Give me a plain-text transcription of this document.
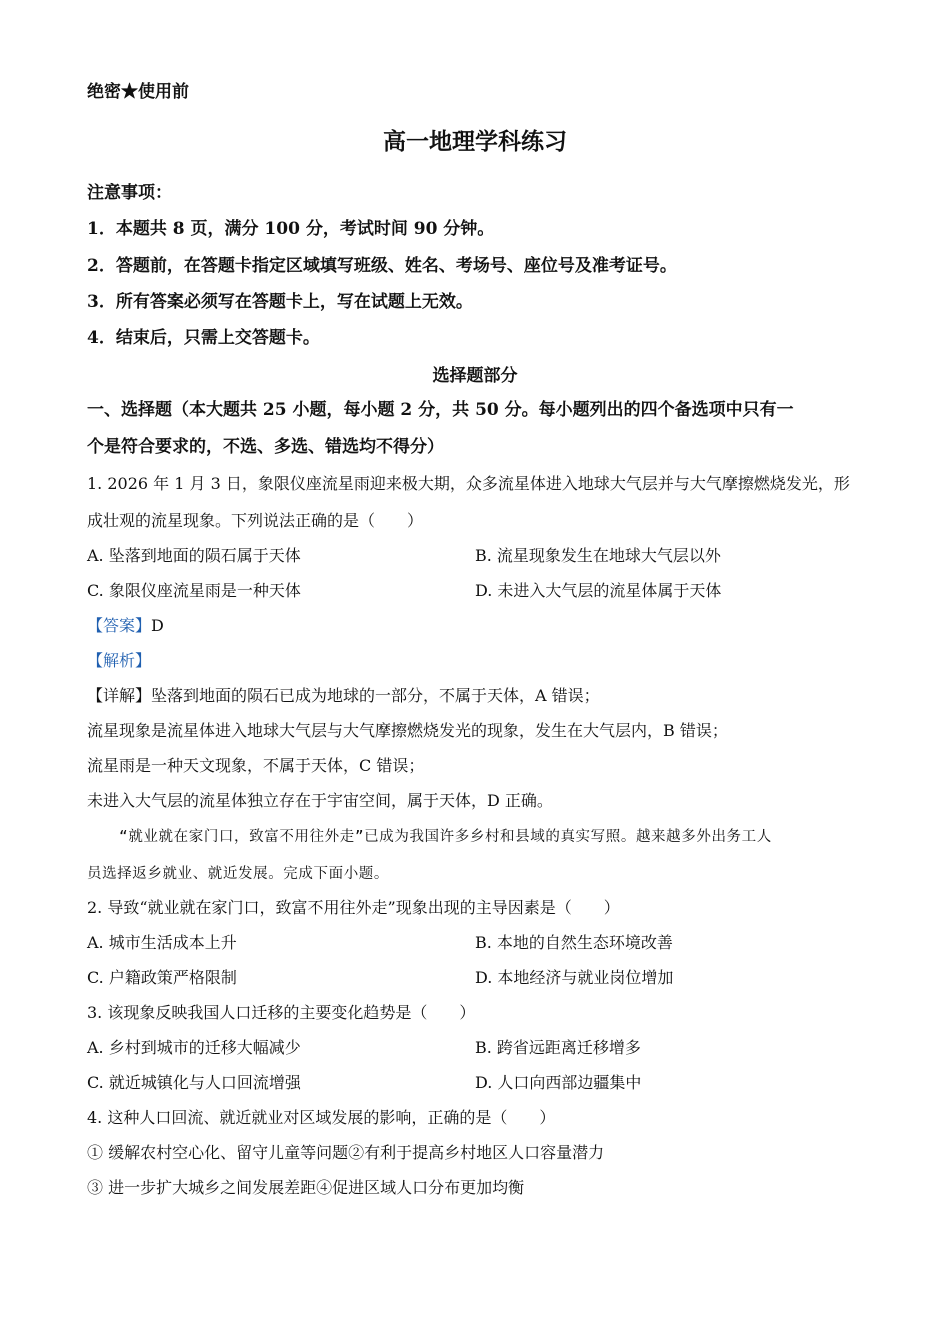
绝密★使用前
高一地理学科练习
注意事项：
1．本题共 8 页，满分 100 分，考试时间 90 分钟。
2．答题前，在答题卡指定区域填写班级、姓名、考场号、座位号及准考证号。
3．所有答案必须写在答题卡上，写在试题上无效。
4．结束后，只需上交答题卡。
选择题部分
一、选择题（本大题共 25 小题，每小题 2 分，共 50 分。每小题列出的四个备选项中只有一
个是符合要求的，不选、多选、错选均不得分）
1. 2026 年 1 月 3 日，象限仪座流星雨迎来极大期，众多流星体进入地球大气层并与大气摩擦燃烧发光，形
成壮观的流星现象。下列说法正确的是（　　）
A. 坠落到地面的陨石属于天体	B. 流星现象发生在地球大气层以外
C. 象限仪座流星雨是一种天体	D. 未进入大气层的流星体属于天体
【答案】D
【解析】
【详解】坠落到地面的陨石已成为地球的一部分，不属于天体，A 错误；
流星现象是流星体进入地球大气层与大气摩擦燃烧发光的现象，发生在大气层内，B 错误；
流星雨是一种天文现象，不属于天体，C 错误；
未进入大气层的流星体独立存在于宇宙空间，属于天体，D 正确。
“就业就在家门口，致富不用往外走”已成为我国许多乡村和县域的真实写照。越来越多外出务工人
员选择返乡就业、就近发展。完成下面小题。
2. 导致“就业就在家门口，致富不用往外走”现象出现的主导因素是（　　）
A. 城市生活成本上升	B. 本地的自然生态环境改善
C. 户籍政策严格限制	D. 本地经济与就业岗位增加
3. 该现象反映我国人口迁移的主要变化趋势是（　　）
A. 乡村到城市的迁移大幅减少	B. 跨省远距离迁移增多
C. 就近城镇化与人口回流增强	D. 人口向西部边疆集中
4. 这种人口回流、就近就业对区域发展的影响，正确的是（　　）
① 缓解农村空心化、留守儿童等问题②有利于提高乡村地区人口容量潜力
③ 进一步扩大城乡之间发展差距④促进区域人口分布更加均衡
